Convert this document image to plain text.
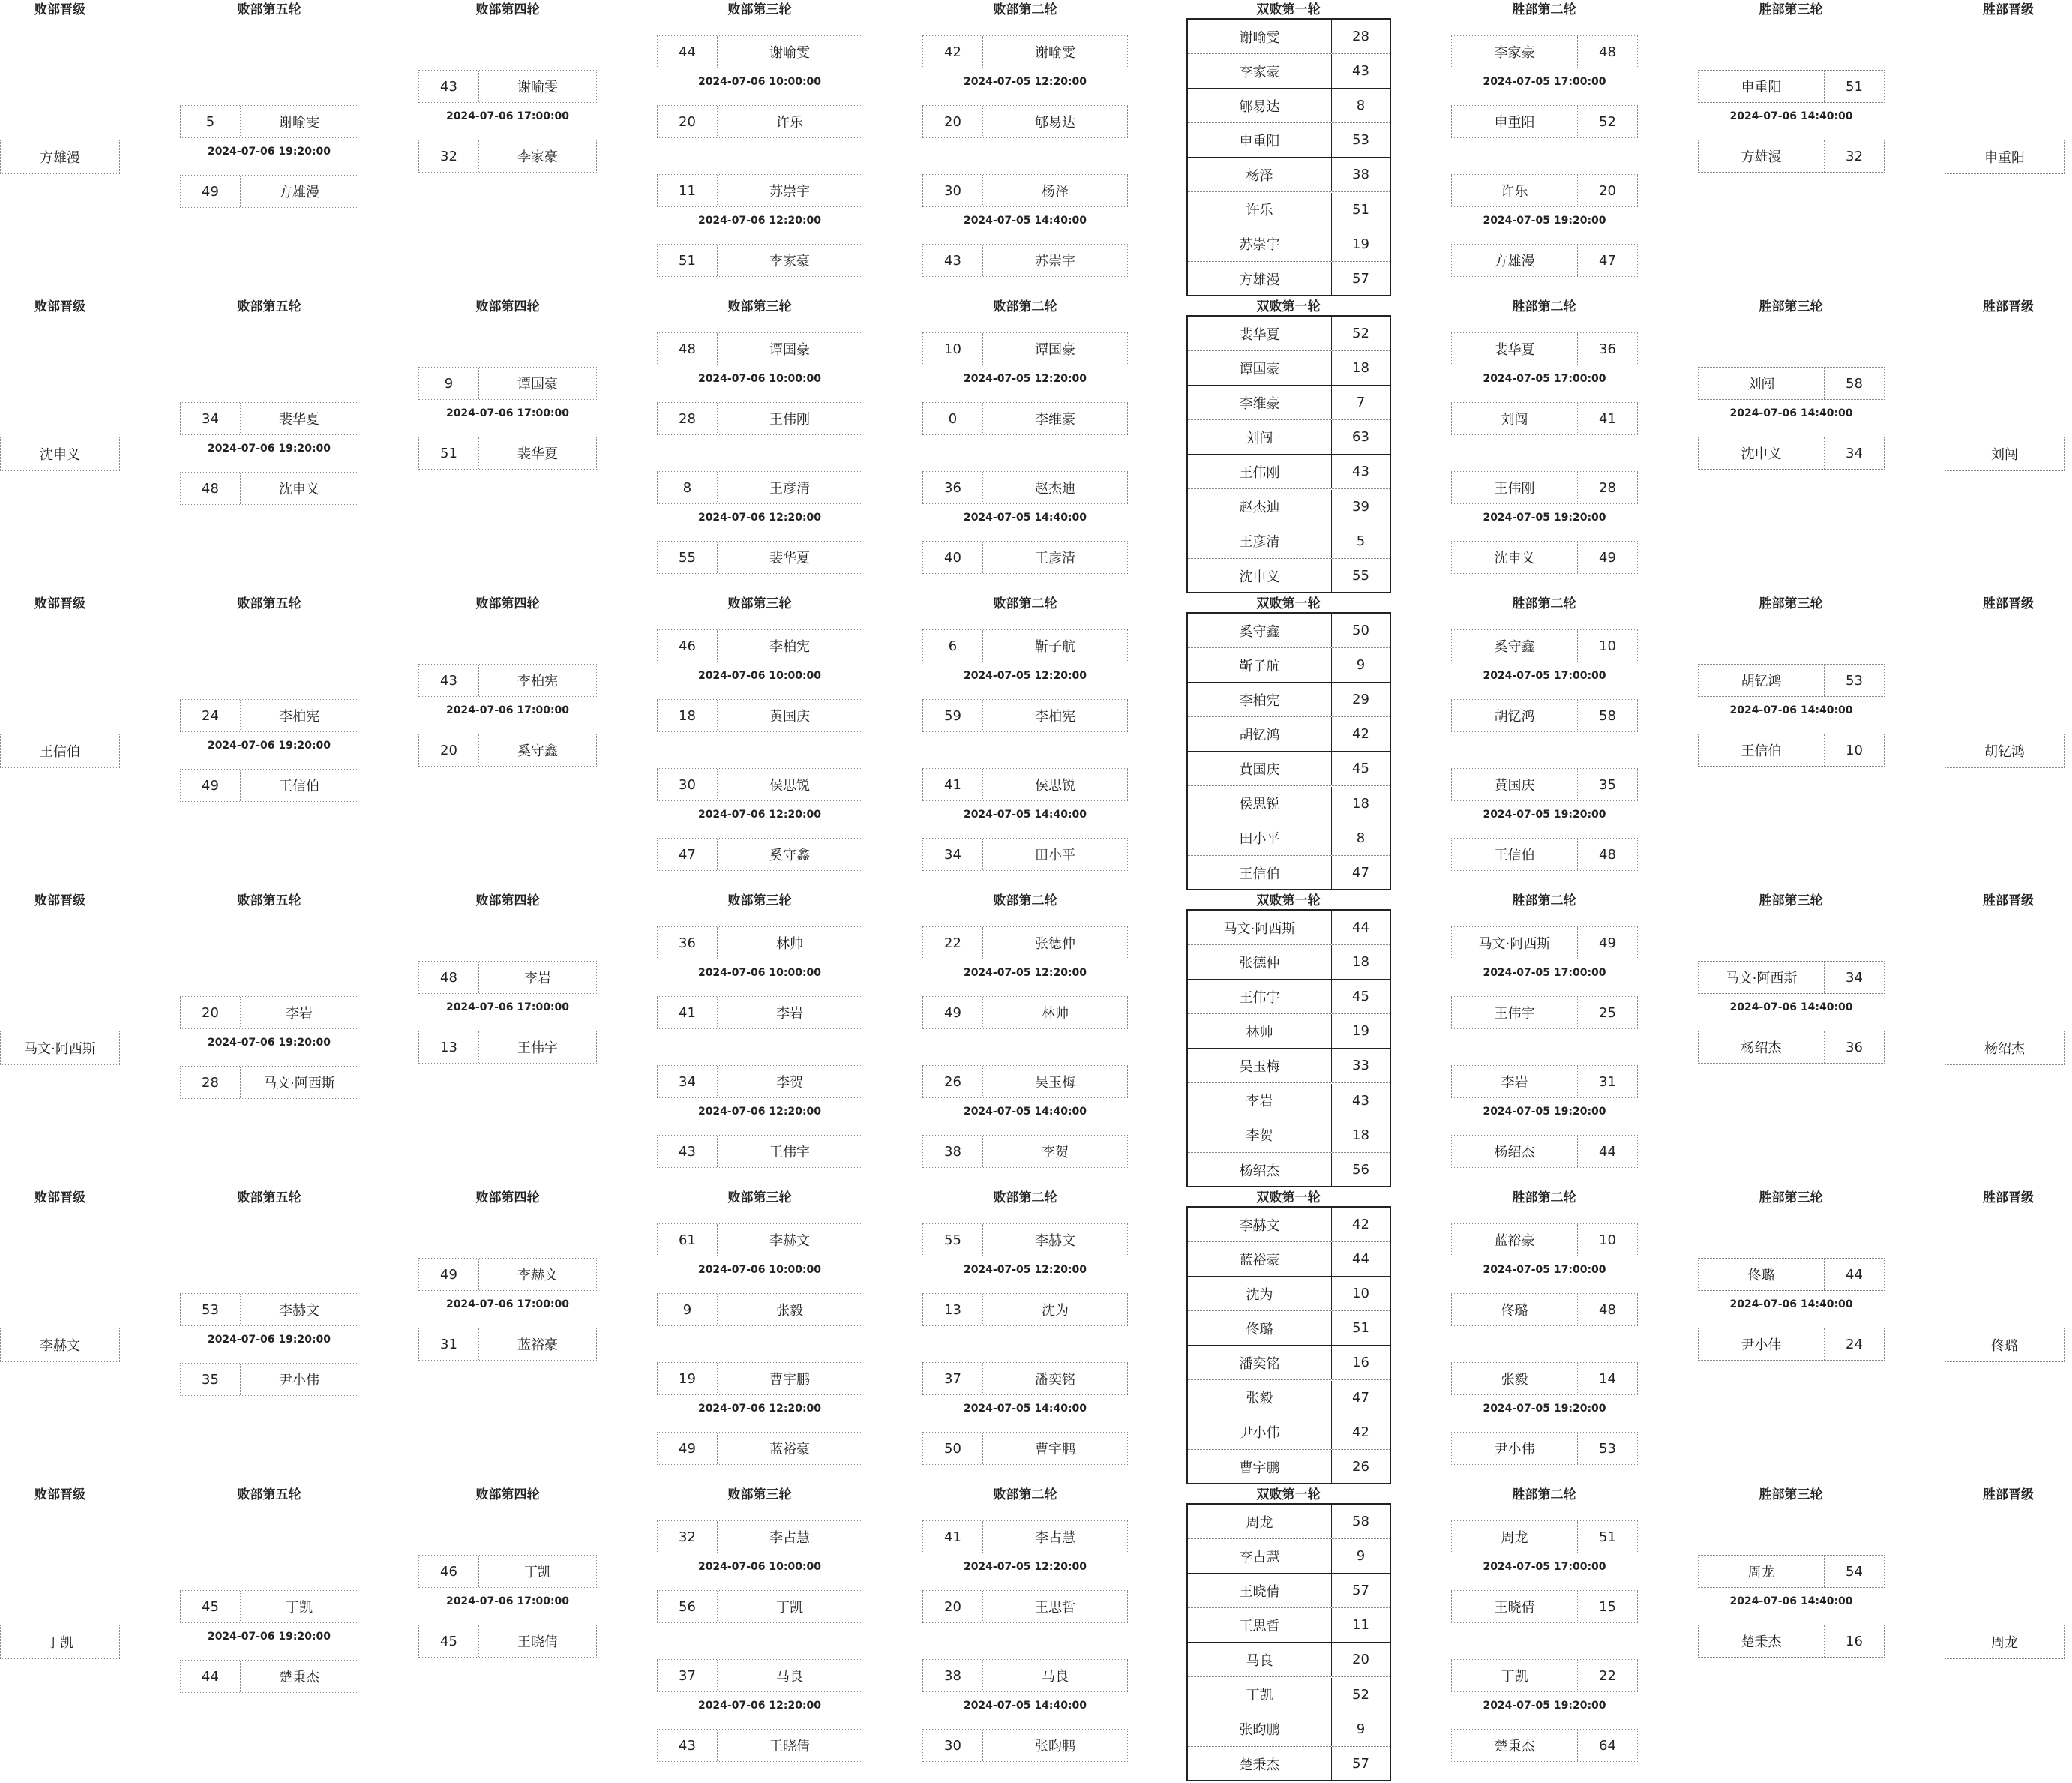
败部晋级	败部第五轮	败部第四轮	败部第三轮	败部第二轮	双败第一轮	胜部第二轮	胜部第三轮	胜部晋级
方雄漫
5	谢喻雯
2024-07-06 19:20:00
49	方雄漫
43	谢喻雯
2024-07-06 17:00:00
32	李家豪
44	谢喻雯
2024-07-06 10:00:00
20	许乐
11	苏崇宇
2024-07-06 12:20:00
51	李家豪
42	谢喻雯
2024-07-05 12:20:00
20	郇易达
30	杨泽
2024-07-05 14:40:00
43	苏崇宇
谢喻雯	28
李家豪	43
郇易达	8
申重阳	53
杨泽	38
许乐	51
苏崇宇	19
方雄漫	57
李家豪	48
2024-07-05 17:00:00
申重阳	52
许乐	20
2024-07-05 19:20:00
方雄漫	47
申重阳	51
2024-07-06 14:40:00
方雄漫	32	申重阳
败部晋级	败部第五轮	败部第四轮	败部第三轮	败部第二轮	双败第一轮	胜部第二轮	胜部第三轮	胜部晋级
沈申义
34	裴华夏
2024-07-06 19:20:00
48	沈申义
9	谭国豪
2024-07-06 17:00:00
51	裴华夏
48	谭国豪
2024-07-06 10:00:00
28	王伟刚
8	王彦清
2024-07-06 12:20:00
55	裴华夏
10	谭国豪
2024-07-05 12:20:00
0	李维豪
36	赵杰迪
2024-07-05 14:40:00
40	王彦清
裴华夏	52
谭国豪	18
李维豪	7
刘闯	63
王伟刚	43
赵杰迪	39
王彦清	5
沈申义	55
裴华夏	36
2024-07-05 17:00:00
刘闯	41
王伟刚	28
2024-07-05 19:20:00
沈申义	49
刘闯	58
2024-07-06 14:40:00
沈申义	34	刘闯
败部晋级	败部第五轮	败部第四轮	败部第三轮	败部第二轮	双败第一轮	胜部第二轮	胜部第三轮	胜部晋级
王信伯
24	李柏宪
2024-07-06 19:20:00
49	王信伯
43	李柏宪
2024-07-06 17:00:00
20	奚守鑫
46	李柏宪
2024-07-06 10:00:00
18	黄国庆
30	侯思锐
2024-07-06 12:20:00
47	奚守鑫
6	靳子航
2024-07-05 12:20:00
59	李柏宪
41	侯思锐
2024-07-05 14:40:00
34	田小平
奚守鑫	50
靳子航	9
李柏宪	29
胡钇鸿	42
黄国庆	45
侯思锐	18
田小平	8
王信伯	47
奚守鑫	10
2024-07-05 17:00:00
胡钇鸿	58
黄国庆	35
2024-07-05 19:20:00
王信伯	48
胡钇鸿	53
2024-07-06 14:40:00
王信伯	10	胡钇鸿
败部晋级	败部第五轮	败部第四轮	败部第三轮	败部第二轮	双败第一轮	胜部第二轮	胜部第三轮	胜部晋级
马文·阿西斯
20	李岩
2024-07-06 19:20:00
28	马文·阿西斯
48	李岩
2024-07-06 17:00:00
13	王伟宇
36	林帅
2024-07-06 10:00:00
41	李岩
34	李贺
2024-07-06 12:20:00
43	王伟宇
22	张德仲
2024-07-05 12:20:00
49	林帅
26	吴玉梅
2024-07-05 14:40:00
38	李贺
马文·阿西斯	44
张德仲	18
王伟宇	45
林帅	19
吴玉梅	33
李岩	43
李贺	18
杨绍杰	56
马文·阿西斯	49
2024-07-05 17:00:00
王伟宇	25
李岩	31
2024-07-05 19:20:00
杨绍杰	44
马文·阿西斯	34
2024-07-06 14:40:00
杨绍杰	36	杨绍杰
败部晋级	败部第五轮	败部第四轮	败部第三轮	败部第二轮	双败第一轮	胜部第二轮	胜部第三轮	胜部晋级
李赫文
53	李赫文
2024-07-06 19:20:00
35	尹小伟
49	李赫文
2024-07-06 17:00:00
31	蓝裕豪
61	李赫文
2024-07-06 10:00:00
9	张毅
19	曹宇鹏
2024-07-06 12:20:00
49	蓝裕豪
55	李赫文
2024-07-05 12:20:00
13	沈为
37	潘奕铭
2024-07-05 14:40:00
50	曹宇鹏
李赫文	42
蓝裕豪	44
沈为	10
佟璐	51
潘奕铭	16
张毅	47
尹小伟	42
曹宇鹏	26
蓝裕豪	10
2024-07-05 17:00:00
佟璐	48
张毅	14
2024-07-05 19:20:00
尹小伟	53
佟璐	44
2024-07-06 14:40:00
尹小伟	24	佟璐
败部晋级	败部第五轮	败部第四轮	败部第三轮	败部第二轮	双败第一轮	胜部第二轮	胜部第三轮	胜部晋级
丁凯
45	丁凯
2024-07-06 19:20:00
44	楚秉杰
46	丁凯
2024-07-06 17:00:00
45	王晓倩
32	李占慧
2024-07-06 10:00:00
56	丁凯
37	马良
2024-07-06 12:20:00
43	王晓倩
41	李占慧
2024-07-05 12:20:00
20	王思哲
38	马良
2024-07-05 14:40:00
30	张昀鹏
周龙	58
李占慧	9
王晓倩	57
王思哲	11
马良	20
丁凯	52
张昀鹏	9
楚秉杰	57
周龙	51
2024-07-05 17:00:00
王晓倩	15
丁凯	22
2024-07-05 19:20:00
楚秉杰	64
周龙	54
2024-07-06 14:40:00
楚秉杰	16	周龙
